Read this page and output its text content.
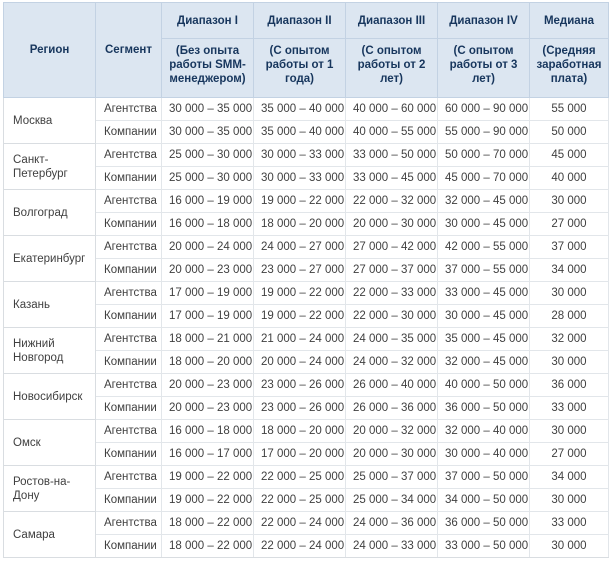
Регион	Сегмент	Диапазон I	Диапазон II	Диапазон III	Диапазон IV	Медиана
		(Без опыта работы SMM-менеджером)	(С опытом работы от 1 года)	(С опытом работы от 2 лет)	(С опытом работы от 3 лет)	(Средняя заработная плата)
Москва	Агентства	30 000 – 35 000	35 000 – 40 000	40 000 – 60 000	60 000 – 90 000	55 000
	Компании	30 000 – 35 000	35 000 – 40 000	40 000 – 55 000	55 000 – 90 000	50 000
Санкт-Петербург	Агентства	25 000 – 30 000	30 000 – 33 000	33 000 – 50 000	50 000 – 70 000	45 000
	Компании	25 000 – 30 000	30 000 – 33 000	33 000 – 45 000	45 000 – 70 000	40 000
Волгоград	Агентства	16 000 – 19 000	19 000 – 22 000	22 000 – 32 000	32 000 – 45 000	30 000
	Компании	16 000 – 18 000	18 000 – 20 000	20 000 – 30 000	30 000 – 45 000	27 000
Екатеринбург	Агентства	20 000 – 24 000	24 000 – 27 000	27 000 – 42 000	42 000 – 55 000	37 000
	Компании	20 000 – 23 000	23 000 – 27 000	27 000 – 37 000	37 000 – 55 000	34 000
Казань	Агентства	17 000 – 19 000	19 000 – 22 000	22 000 – 33 000	33 000 – 45 000	30 000
	Компании	17 000 – 19 000	19 000 – 22 000	22 000 – 30 000	30 000 – 45 000	28 000
Нижний Новгород	Агентства	18 000 – 21 000	21 000 – 24 000	24 000 – 35 000	35 000 – 45 000	32 000
	Компании	18 000 – 20 000	20 000 – 24 000	24 000 – 32 000	32 000 – 45 000	30 000
Новосибирск	Агентства	20 000 – 23 000	23 000 – 26 000	26 000 – 40 000	40 000 – 50 000	36 000
	Компании	20 000 – 23 000	23 000 – 26 000	26 000 – 36 000	36 000 – 50 000	33 000
Омск	Агентства	16 000 – 18 000	18 000 – 20 000	20 000 – 32 000	32 000 – 40 000	30 000
	Компании	16 000 – 17 000	17 000 – 20 000	20 000 – 30 000	30 000 – 40 000	27 000
Ростов-на-Дону	Агентства	19 000 – 22 000	22 000 – 25 000	25 000 – 37 000	37 000 – 50 000	34 000
	Компании	19 000 – 22 000	22 000 – 25 000	25 000 – 34 000	34 000 – 50 000	30 000
Самара	Агентства	18 000 – 22 000	22 000 – 24 000	24 000 – 36 000	36 000 – 50 000	33 000
	Компании	18 000 – 22 000	22 000 – 24 000	24 000 – 33 000	33 000 – 50 000	30 000
